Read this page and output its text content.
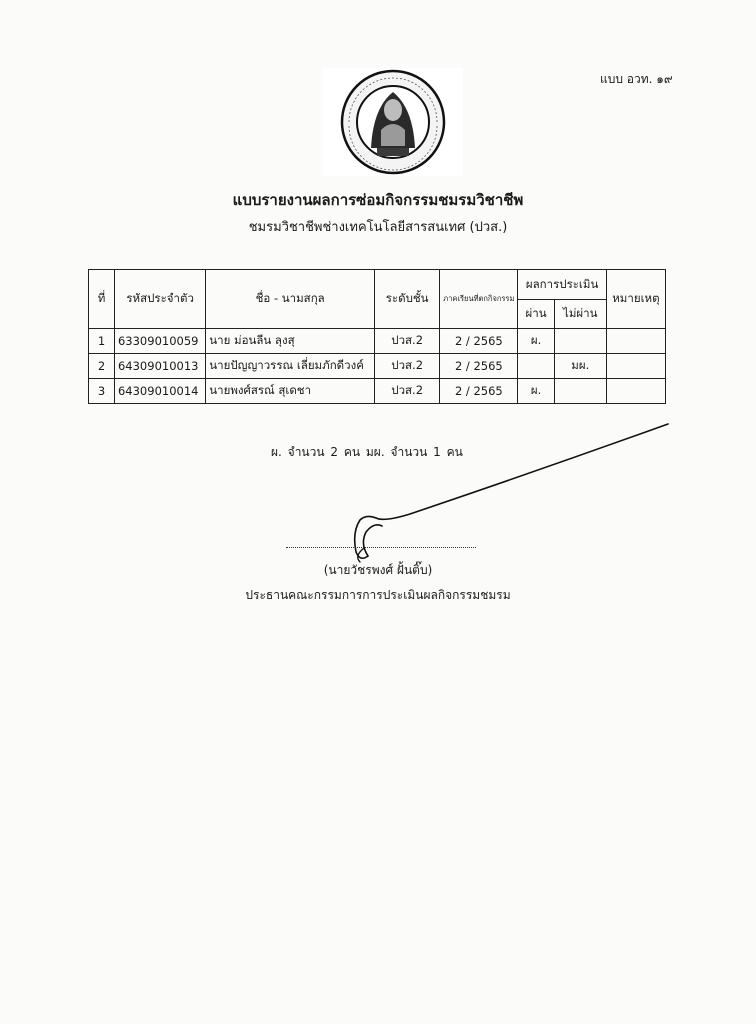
แบบ อวท. ๑๙
แบบรายงานผลการซ่อมกิจกรรมชมรมวิชาชีพ
ชมรมวิชาชีพช่างเทคโนโลยีสารสนเทศ (ปวส.)
ที่	รหัสประจำตัว	ชื่อ - นามสกุล	ระดับชั้น	ภาคเรียนที่ตกกิจกรรม	ผลการประเมิน		หมายเหตุ
					ผ่าน	ไม่ผ่าน	
1	63309010059	นาย ม่อนลีน ลุงสุ	ปวส.2	2 / 2565	ผ.		
2	64309010013	นายปัญญาวรรณ เลี่ยมภักดีวงค์	ปวส.2	2 / 2565		มผ.	
3	64309010014	นายพงศ์สรณ์ สุเดชา	ปวส.2	2 / 2565	ผ.		
ผ. จำนวน 2 คน มผ. จำนวน 1 คน
(นายวัชรพงศ์ ฝั้นติ๊บ)
ประธานคณะกรรมการการประเมินผลกิจกรรมชมรม
